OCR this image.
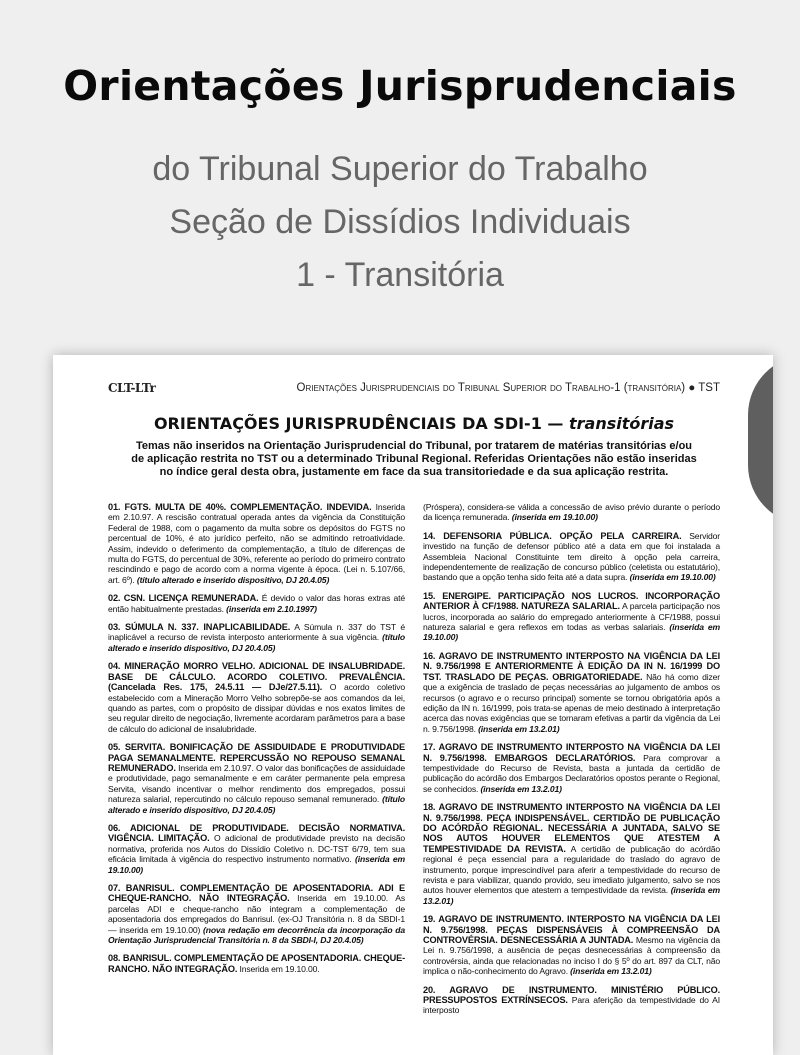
Orientações Jurisprudenciais
do Tribunal Superior do Trabalho
Seção de Dissídios Individuais
1 - Transitória
CLT-LTr	Orientações Jurisprudenciais do Tribunal Superior do Trabalho-1 (transitória) ● TST
ORIENTAÇÕES JURISPRUDÊNCIAIS DA SDI-1 — transitórias
Temas não inseridos na Orientação Jurisprudencial do Tribunal, por tratarem de matérias transitórias e/ou de aplicação restrita no TST ou a determinado Tribunal Regional. Referidas Orientações não estão inseridas no índice geral desta obra, justamente em face da sua transitoriedade e da sua aplicação restrita.

01. FGTS. MULTA DE 40%. COMPLEMENTAÇÃO. INDEVIDA. Inserida em 2.10.97. A rescisão contratual operada antes da vigência da Constituição Federal de 1988, com o pagamento da multa sobre os depósitos do FGTS no percentual de 10%, é ato jurídico perfeito, não se admitindo retroatividade. Assim, indevido o deferimento da complementação, a título de diferenças de multa do FGTS, do percentual de 30%, referente ao período do primeiro contrato rescindindo e pago de acordo com a norma vigente à época. (Lei n. 5.107/66, art. 6º). (título alterado e inserido dispositivo, DJ 20.4.05)

02. CSN. LICENÇA REMUNERADA. É devido o valor das horas extras até então habitualmente prestadas. (inserida em 2.10.1997)

03. SÚMULA N. 337. INAPLICABILIDADE. A Súmula n. 337 do TST é inaplicável a recurso de revista interposto anteriormente à sua vigência. (título alterado e inserido dispositivo, DJ 20.4.05)

04. MINERAÇÃO MORRO VELHO. ADICIONAL DE INSALUBRIDADE. BASE DE CÁLCULO. ACORDO COLETIVO. PREVALÊNCIA. (Cancelada Res. 175, 24.5.11 — DJe/27.5.11). O acordo coletivo estabelecido com a Mineração Morro Velho sobrepõe-se aos comandos da lei, quando as partes, com o propósito de dissipar dúvidas e nos exatos limites de seu regular direito de negociação, livremente acordaram parâmetros para a base de cálculo do adicional de insalubridade.

05. SERVITA. BONIFICAÇÃO DE ASSIDUIDADE E PRODUTIVIDADE PAGA SEMANALMENTE. REPERCUSSÃO NO REPOUSO SEMANAL REMUNERADO. Inserida em 2.10.97. O valor das bonificações de assiduidade e produtividade, pago semanalmente e em caráter permanente pela empresa Servita, visando incentivar o melhor rendimento dos empregados, possui natureza salarial, repercutindo no cálculo repouso semanal remunerado. (título alterado e inserido dispositivo, DJ 20.4.05)

06. ADICIONAL DE PRODUTIVIDADE. DECISÃO NORMATIVA. VIGÊNCIA. LIMITAÇÃO. O adicional de produtividade previsto na decisão normativa, proferida nos Autos do Dissídio Coletivo n. DC-TST 6/79, tem sua eficácia limitada à vigência do respectivo instrumento normativo. (inserida em 19.10.00)

07. BANRISUL. COMPLEMENTAÇÃO DE APOSENTADORIA. ADI E CHEQUE-RANCHO. NÃO INTEGRAÇÃO. Inserida em 19.10.00. As parcelas ADI e cheque-rancho não integram a complementação de aposentadoria dos empregados do Banrisul. (ex-OJ Transitória n. 8 da SBDI-1 — inserida em 19.10.00) (nova redação em decorrência da incorporação da Orientação Jurisprudencial Transitória n. 8 da SBDI-I, DJ 20.4.05)

08. BANRISUL. COMPLEMENTAÇÃO DE APOSENTADORIA. CHEQUE-RANCHO. NÃO INTEGRAÇÃO. Inserida em 19.10.00.

(Próspera), considera-se válida a concessão de aviso prévio durante o período da licença remunerada. (inserida em 19.10.00)

14. DEFENSORIA PÚBLICA. OPÇÃO PELA CARREIRA. Servidor investido na função de defensor público até a data em que foi instalada a Assembleia Nacional Constituinte tem direito à opção pela carreira, independentemente de realização de concurso público (celetista ou estatutário), bastando que a opção tenha sido feita até a data supra. (inserida em 19.10.00)

15. ENERGIPE. PARTICIPAÇÃO NOS LUCROS. INCORPORAÇÃO ANTERIOR À CF/1988. NATUREZA SALARIAL. A parcela participação nos lucros, incorporada ao salário do empregado anteriormente à CF/1988, possui natureza salarial e gera reflexos em todas as verbas salariais. (inserida em 19.10.00)

16. AGRAVO DE INSTRUMENTO INTERPOSTO NA VIGÊNCIA DA LEI N. 9.756/1998 E ANTERIORMENTE À EDIÇÃO DA IN N. 16/1999 DO TST. TRASLADO DE PEÇAS. OBRIGATORIEDADE. Não há como dizer que a exigência de traslado de peças necessárias ao julgamento de ambos os recursos (o agravo e o recurso principal) somente se tornou obrigatória após a edição da IN n. 16/1999, pois trata-se apenas de meio destinado à interpretação acerca das novas exigências que se tornaram efetivas a partir da vigência da Lei n. 9.756/1998. (inserida em 13.2.01)

17. AGRAVO DE INSTRUMENTO INTERPOSTO NA VIGÊNCIA DA LEI N. 9.756/1998. EMBARGOS DECLARATÓRIOS. Para comprovar a tempestividade do Recurso de Revista, basta a juntada da certidão de publicação do acórdão dos Embargos Declaratórios opostos perante o Regional, se conhecidos. (inserida em 13.2.01)

18. AGRAVO DE INSTRUMENTO INTERPOSTO NA VIGÊNCIA DA LEI N. 9.756/1998. PEÇA INDISPENSÁVEL. CERTIDÃO DE PUBLICAÇÃO DO ACÓRDÃO REGIONAL. NECESSÁRIA A JUNTADA, SALVO SE NOS AUTOS HOUVER ELEMENTOS QUE ATESTEM A TEMPESTIVIDADE DA REVISTA. A certidão de publicação do acórdão regional é peça essencial para a regularidade do traslado do agravo de instrumento, porque imprescindível para aferir a tempestividade do recurso de revista e para viabilizar, quando provido, seu imediato julgamento, salvo se nos autos houver elementos que atestem a tempestividade da revista. (inserida em 13.2.01)

19. AGRAVO DE INSTRUMENTO. INTERPOSTO NA VIGÊNCIA DA LEI N. 9.756/1998. PEÇAS DISPENSÁVEIS À COMPREENSÃO DA CONTROVÉRSIA. DESNECESSÁRIA A JUNTADA. Mesmo na vigência da Lei n. 9.756/1998, a ausência de peças desnecessárias à compreensão da controvérsia, ainda que relacionadas no inciso I do § 5º do art. 897 da CLT, não implica o não-conhecimento do Agravo. (inserida em 13.2.01)

20. AGRAVO DE INSTRUMENTO. MINISTÉRIO PÚBLICO. PRESSUPOSTOS EXTRÍNSECOS. Para aferição da tempestividade do AI interposto
